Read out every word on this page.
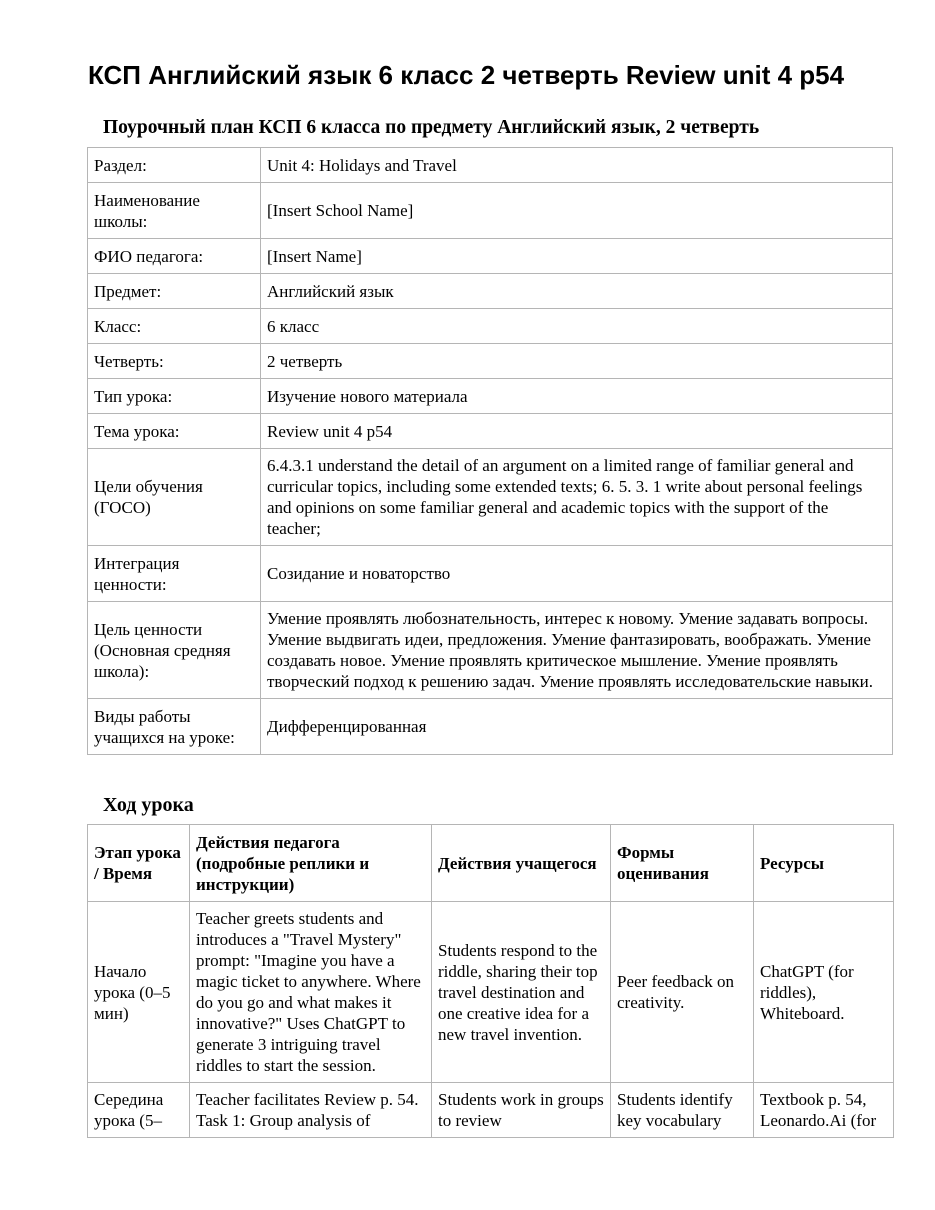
КСП Английский язык 6 класс 2 четверть Review unit 4 p54
Поурочный план КСП 6 класса по предмету Английский язык, 2 четверть
Раздел:	Unit 4: Holidays and Travel
Наименование школы:	[Insert School Name]
ФИО педагога:	[Insert Name]
Предмет:	Английский язык
Класс:	6 класс
Четверть:	2 четверть
Тип урока:	Изучение нового материала
Тема урока:	Review unit 4 p54
Цели обучения (ГОСО)	6.4.3.1 understand the detail of an argument on a limited range of familiar general and curricular topics, including some extended texts; 6. 5. 3. 1 write about personal feelings and opinions on some familiar general and academic topics with the support of the teacher;
Интеграция ценности:	Созидание и новаторство
Цель ценности (Основная средняя школа):	Умение проявлять любознательность, интерес к новому. Умение задавать вопросы. Умение выдвигать идеи, предложения. Умение фантазировать, воображать. Умение создавать новое. Умение проявлять критическое мышление. Умение проявлять творческий подход к решению задач. Умение проявлять исследовательские навыки.
Виды работы учащихся на уроке:	Дифференцированная
Ход урока
Этап урока / Время	Действия педагога (подробные реплики и инструкции)	Действия учащегося	Формы оценивания	Ресурсы
Начало урока (0–5 мин)	Teacher greets students and introduces a "Travel Mystery" prompt: "Imagine you have a magic ticket to anywhere. Where do you go and what makes it innovative?" Uses ChatGPT to generate 3 intriguing travel riddles to start the session.	Students respond to the riddle, sharing their top travel destination and one creative idea for a new travel invention.	Peer feedback on creativity.	ChatGPT (for riddles), Whiteboard.
Середина урока (5–	Teacher facilitates Review p. 54. Task 1: Group analysis of	Students work in groups to review	Students identify key vocabulary	Textbook p. 54, Leonardo.Ai (for
